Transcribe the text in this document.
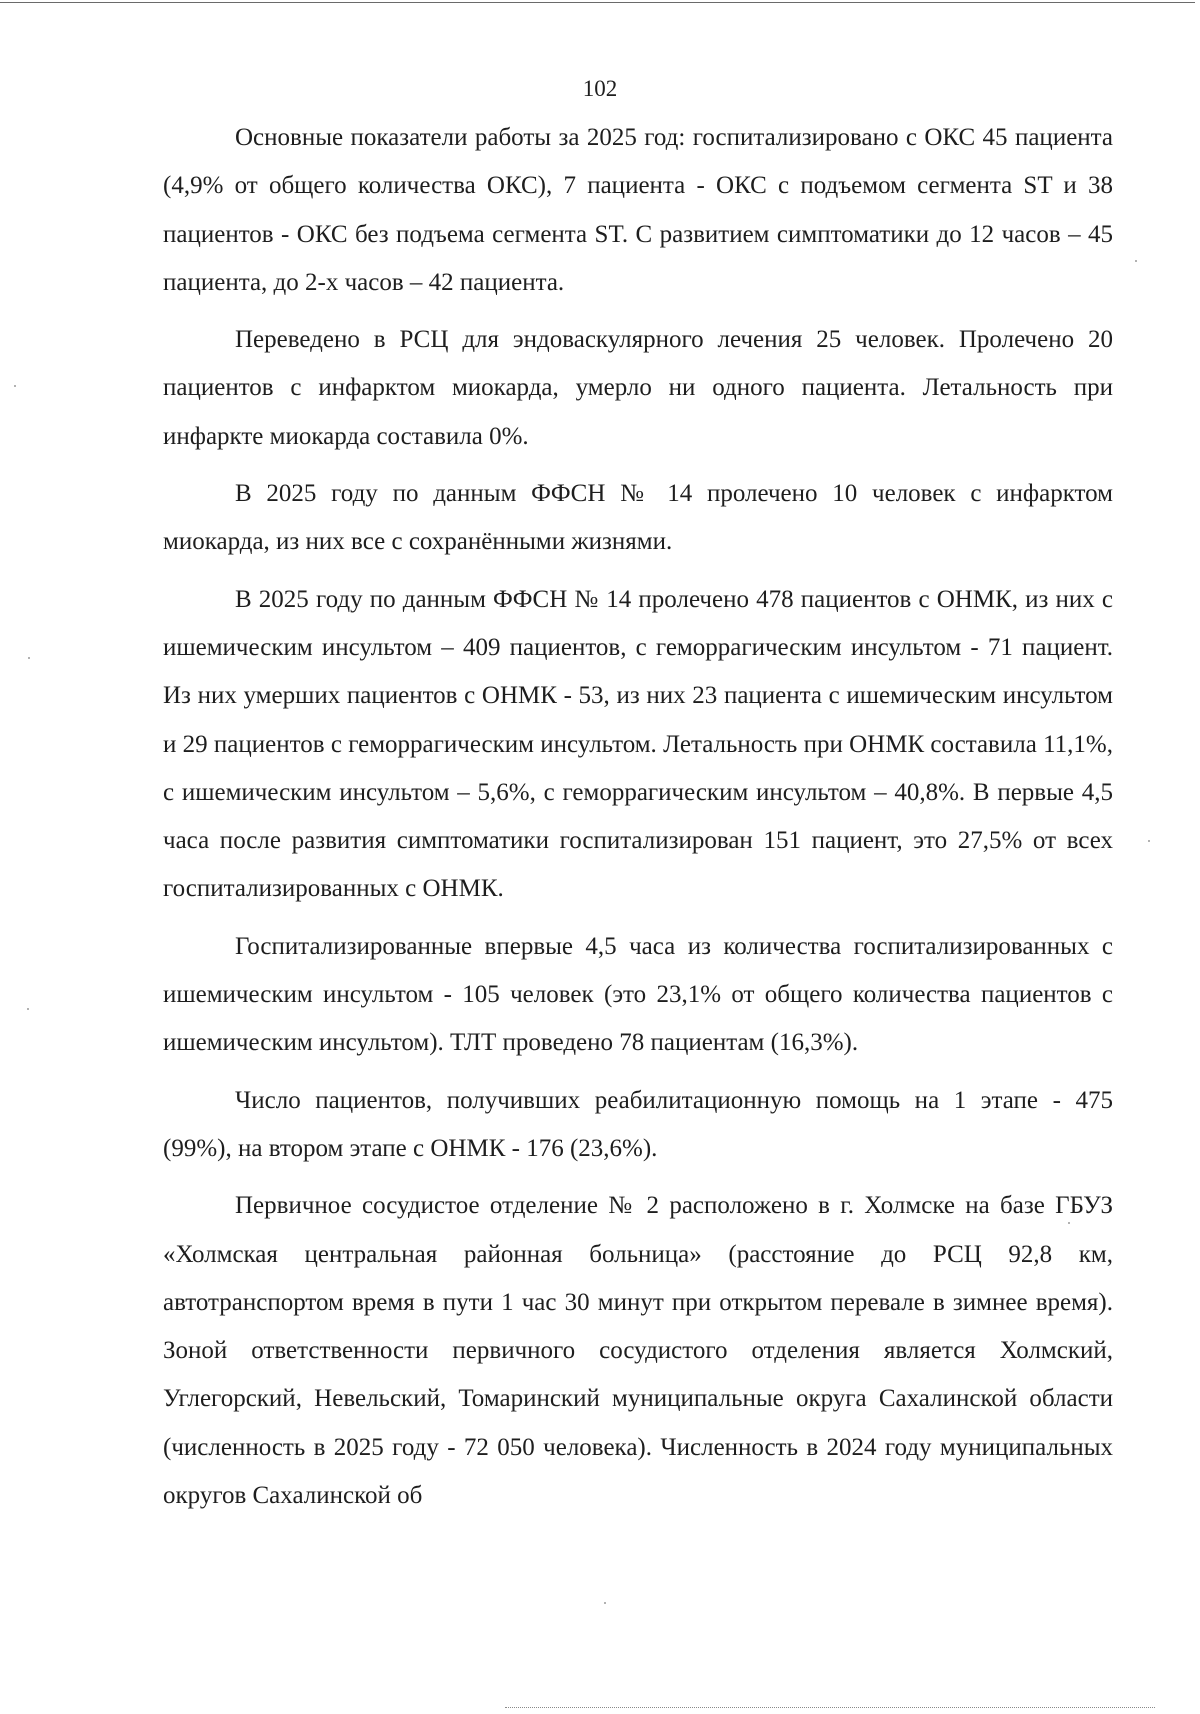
102

Основные показатели работы за 2025 год: госпитализировано с ОКС 45 пациента (4,9% от общего количества ОКС), 7 пациента - ОКС с подъемом сегмента ST и 38 пациентов - ОКС без подъема сегмента ST. С развитием симптоматики до 12 часов – 45 пациента, до 2-х часов – 42 пациента.

Переведено в РСЦ для эндоваскулярного лечения 25 человек. Пролечено 20 пациентов с инфарктом миокарда, умерло ни одного пациента. Летальность при инфаркте миокарда составила 0%.

В 2025 году по данным ФФСН № 14 пролечено 10 человек с инфарктом миокарда, из них все с сохранёнными жизнями.

В 2025 году по данным ФФСН № 14 пролечено 478 пациентов с ОНМК, из них с ишемическим инсультом – 409 пациентов, с геморрагическим инсультом - 71 пациент. Из них умерших пациентов с ОНМК - 53, из них 23 пациента с ишемическим инсультом и 29 пациентов с геморрагическим инсультом. Летальность при ОНМК составила 11,1%, с ишемическим инсультом – 5,6%, с геморрагическим инсультом – 40,8%. В первые 4,5 часа после развития симптоматики госпитализирован 151 пациент, это 27,5% от всех госпитализированных с ОНМК.

Госпитализированные впервые 4,5 часа из количества госпитализированных с ишемическим инсультом - 105 человек (это 23,1% от общего количества пациентов с ишемическим инсультом). ТЛТ проведено 78 пациентам (16,3%).

Число пациентов, получивших реабилитационную помощь на 1 этапе - 475 (99%), на втором этапе с ОНМК - 176 (23,6%).

Первичное сосудистое отделение № 2 расположено в г. Холмске на базе ГБУЗ «Холмская центральная районная больница» (расстояние до РСЦ 92,8 км, автотранспортом время в пути 1 час 30 минут при открытом перевале в зимнее время). Зоной ответственности первичного сосудистого отделения является Холмский, Углегорский, Невельский, Томаринский муниципальные округа Сахалинской области (численность в 2025 году - 72 050 человека). Численность в 2024 году муниципальных округов Сахалинской об
